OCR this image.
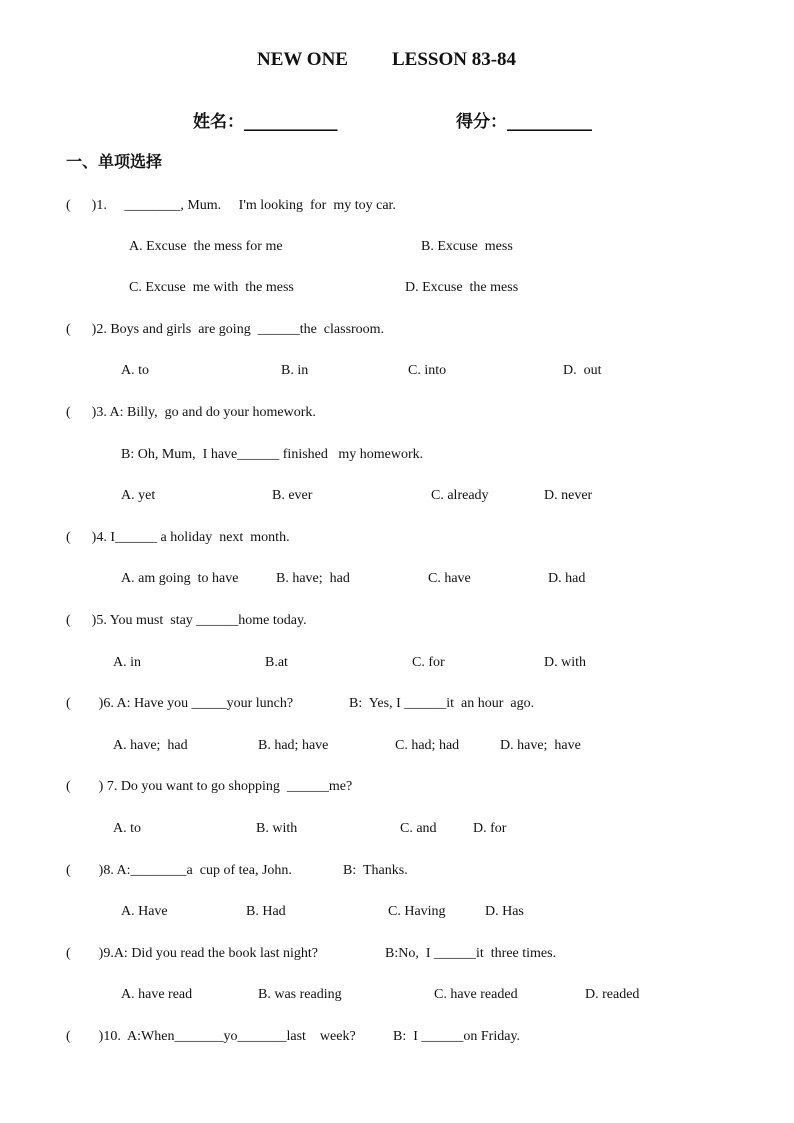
NEW ONE LESSON 83-84
姓名：___________	得分：__________
一、单项选择
(      )1.     ________, Mum.     I'm looking  for  my toy car.
A. Excuse  the mess for me	B. Excuse  mess
C. Excuse  me with  the mess	D. Excuse  the mess
(      )2. Boys and girls  are going  ______the  classroom.
A. to	B. in	C. into	D.  out
(      )3. A: Billy,  go and do your homework.
B: Oh, Mum,  I have______ finished   my homework.
A. yet	B. ever	C. already	D. never
(      )4. I______ a holiday  next  month.
A. am going  to have	B. have;  had	C. have	D. had
(      )5. You must  stay ______home today.
A. in	B.at	C. for	D. with
(        )6. A: Have you _____your lunch?	B:  Yes, I ______it  an hour  ago.
A. have;  had	B. had; have	C. had; had	D. have;  have
(        ) 7. Do you want to go shopping  ______me?
A. to	B. with	C. and	D. for
(        )8. A:________a  cup of tea, John.	B:  Thanks.
A. Have	B. Had	C. Having	D. Has
(        )9.A: Did you read the book last night?	B:No,  I ______it  three times.
A. have read	B. was reading	C. have readed	D. readed
(        )10.  A:When_______yo_______last    week?	B:  I ______on Friday.
